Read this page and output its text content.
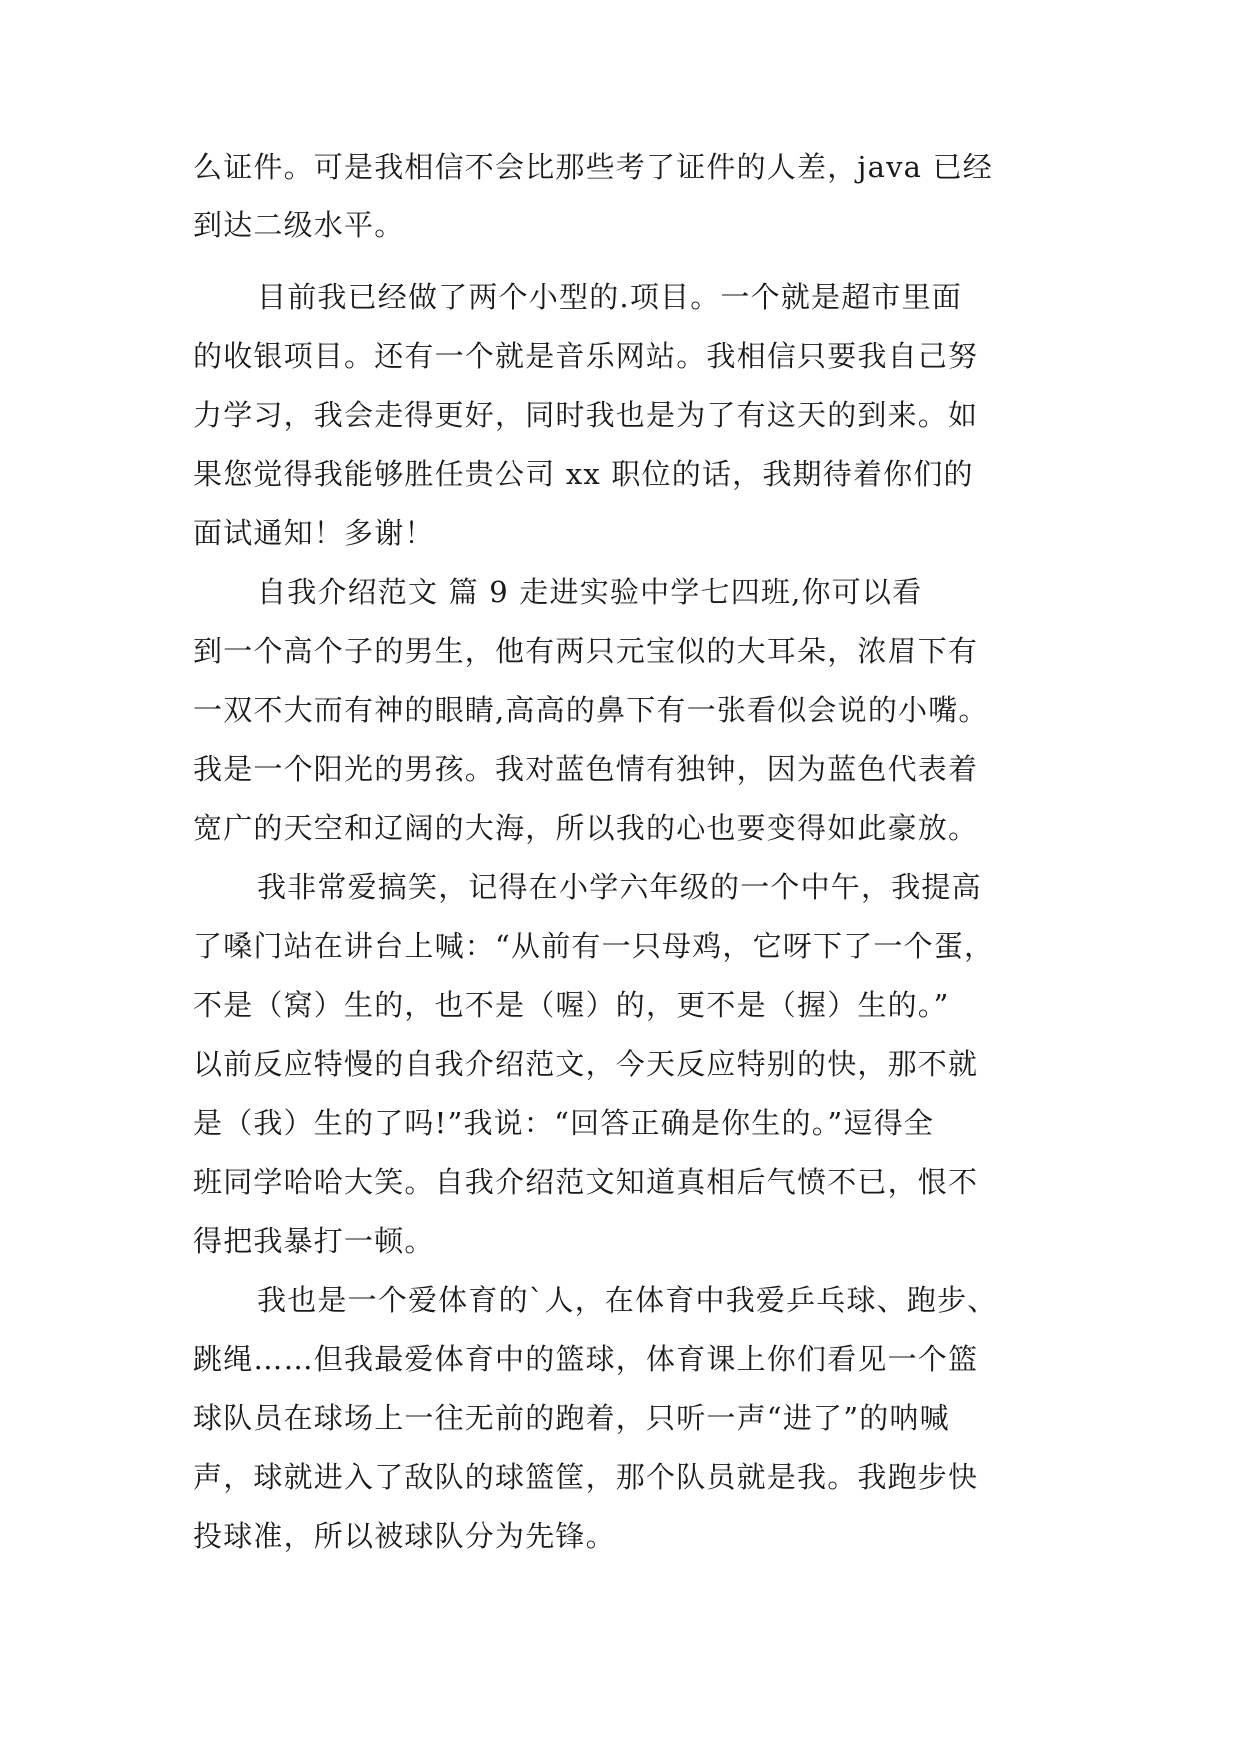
么证件。可是我相信不会比那些考了证件的人差，java 已经
到达二级水平。
目前我已经做了两个小型的.项目。一个就是超市里面
的收银项目。还有一个就是音乐网站。我相信只要我自己努
力学习，我会走得更好，同时我也是为了有这天的到来。如
果您觉得我能够胜任贵公司 xx 职位的话，我期待着你们的
面试通知！多谢！
自我介绍范文 篇 9 走进实验中学七四班,你可以看
到一个高个子的男生，他有两只元宝似的大耳朵，浓眉下有
一双不大而有神的眼睛,高高的鼻下有一张看似会说的小嘴。
我是一个阳光的男孩。我对蓝色情有独钟，因为蓝色代表着
宽广的天空和辽阔的大海，所以我的心也要变得如此豪放。
我非常爱搞笑，记得在小学六年级的一个中午，我提高
了嗓门站在讲台上喊：“从前有一只母鸡，它呀下了一个蛋，
不是（窝）生的，也不是（喔）的，更不是（握）生的。”
以前反应特慢的自我介绍范文，今天反应特别的快，那不就
是（我）生的了吗!”我说：“回答正确是你生的。”逗得全
班同学哈哈大笑。自我介绍范文知道真相后气愤不已，恨不
得把我暴打一顿。
我也是一个爱体育的`人，在体育中我爱乒乓球、跑步、
跳绳……但我最爱体育中的篮球，体育课上你们看见一个篮
球队员在球场上一往无前的跑着，只听一声“进了”的呐喊
声，球就进入了敌队的球篮筐，那个队员就是我。我跑步快
投球准，所以被球队分为先锋。
